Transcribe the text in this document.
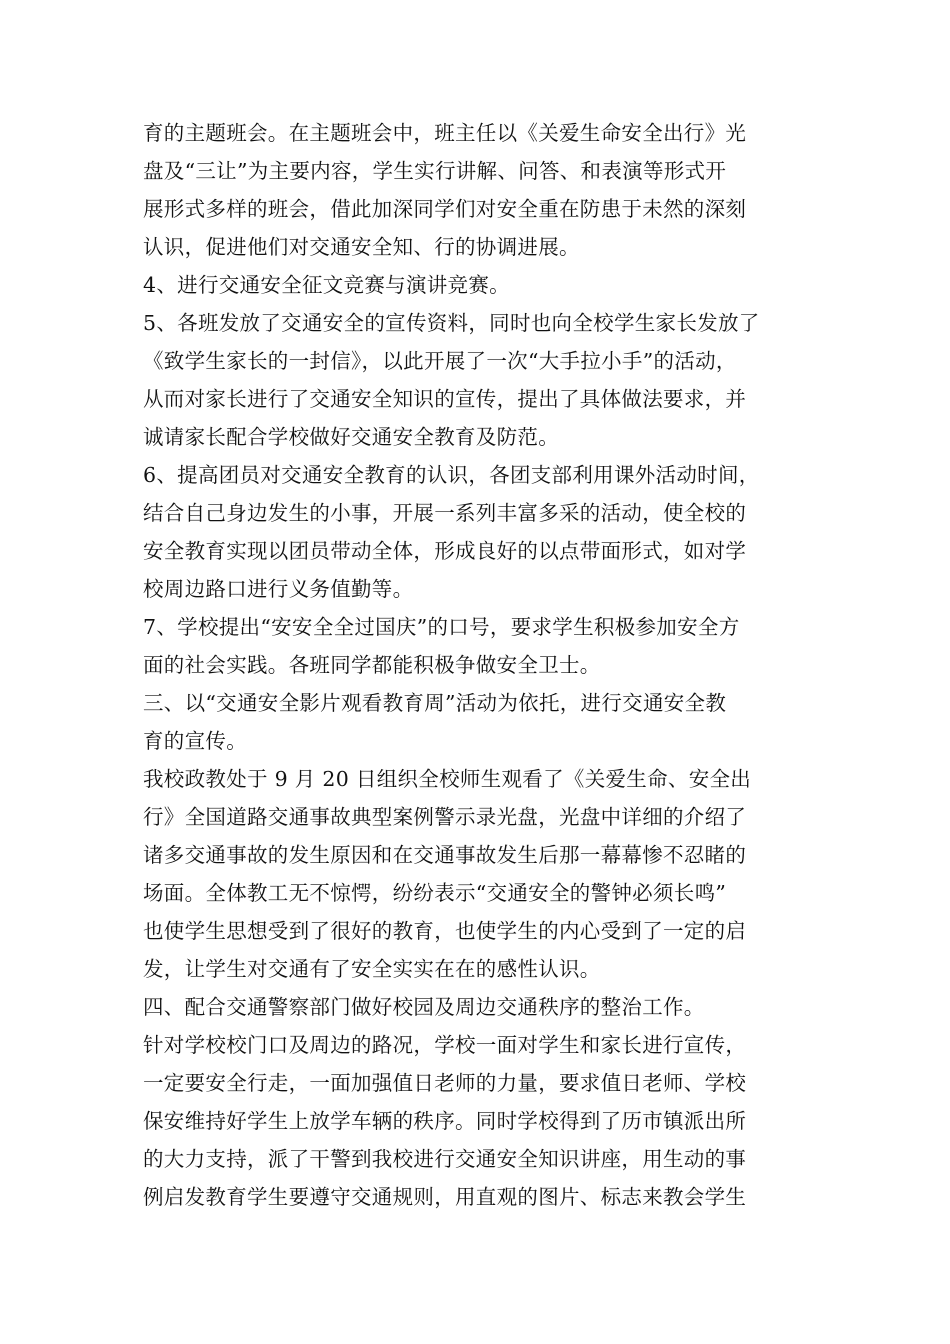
育的主题班会。在主题班会中，班主任以《关爱生命安全出行》光
盘及“三让”为主要内容，学生实行讲解、问答、和表演等形式开
展形式多样的班会，借此加深同学们对安全重在防患于未然的深刻
认识，促进他们对交通安全知、行的协调进展。
4、进行交通安全征文竞赛与演讲竞赛。
5、各班发放了交通安全的宣传资料，同时也向全校学生家长发放了
《致学生家长的一封信》，以此开展了一次“大手拉小手”的活动，
从而对家长进行了交通安全知识的宣传，提出了具体做法要求，并
诚请家长配合学校做好交通安全教育及防范。
6、提高团员对交通安全教育的认识，各团支部利用课外活动时间，
结合自己身边发生的小事，开展一系列丰富多采的活动，使全校的
安全教育实现以团员带动全体，形成良好的以点带面形式，如对学
校周边路口进行义务值勤等。
7、学校提出“安安全全过国庆”的口号，要求学生积极参加安全方
面的社会实践。各班同学都能积极争做安全卫士。
三、以“交通安全影片观看教育周”活动为依托，进行交通安全教
育的宣传。
我校政教处于 9 月 20 日组织全校师生观看了《关爱生命、安全出
行》全国道路交通事故典型案例警示录光盘，光盘中详细的介绍了
诸多交通事故的发生原因和在交通事故发生后那一幕幕惨不忍睹的
场面。全体教工无不惊愕，纷纷表示“交通安全的警钟必须长鸣”
也使学生思想受到了很好的教育，也使学生的内心受到了一定的启
发，让学生对交通有了安全实实在在的感性认识。
四、配合交通警察部门做好校园及周边交通秩序的整治工作。
针对学校校门口及周边的路况，学校一面对学生和家长进行宣传，
一定要安全行走，一面加强值日老师的力量，要求值日老师、学校
保安维持好学生上放学车辆的秩序。同时学校得到了历市镇派出所
的大力支持，派了干警到我校进行交通安全知识讲座，用生动的事
例启发教育学生要遵守交通规则，用直观的图片、标志来教会学生
